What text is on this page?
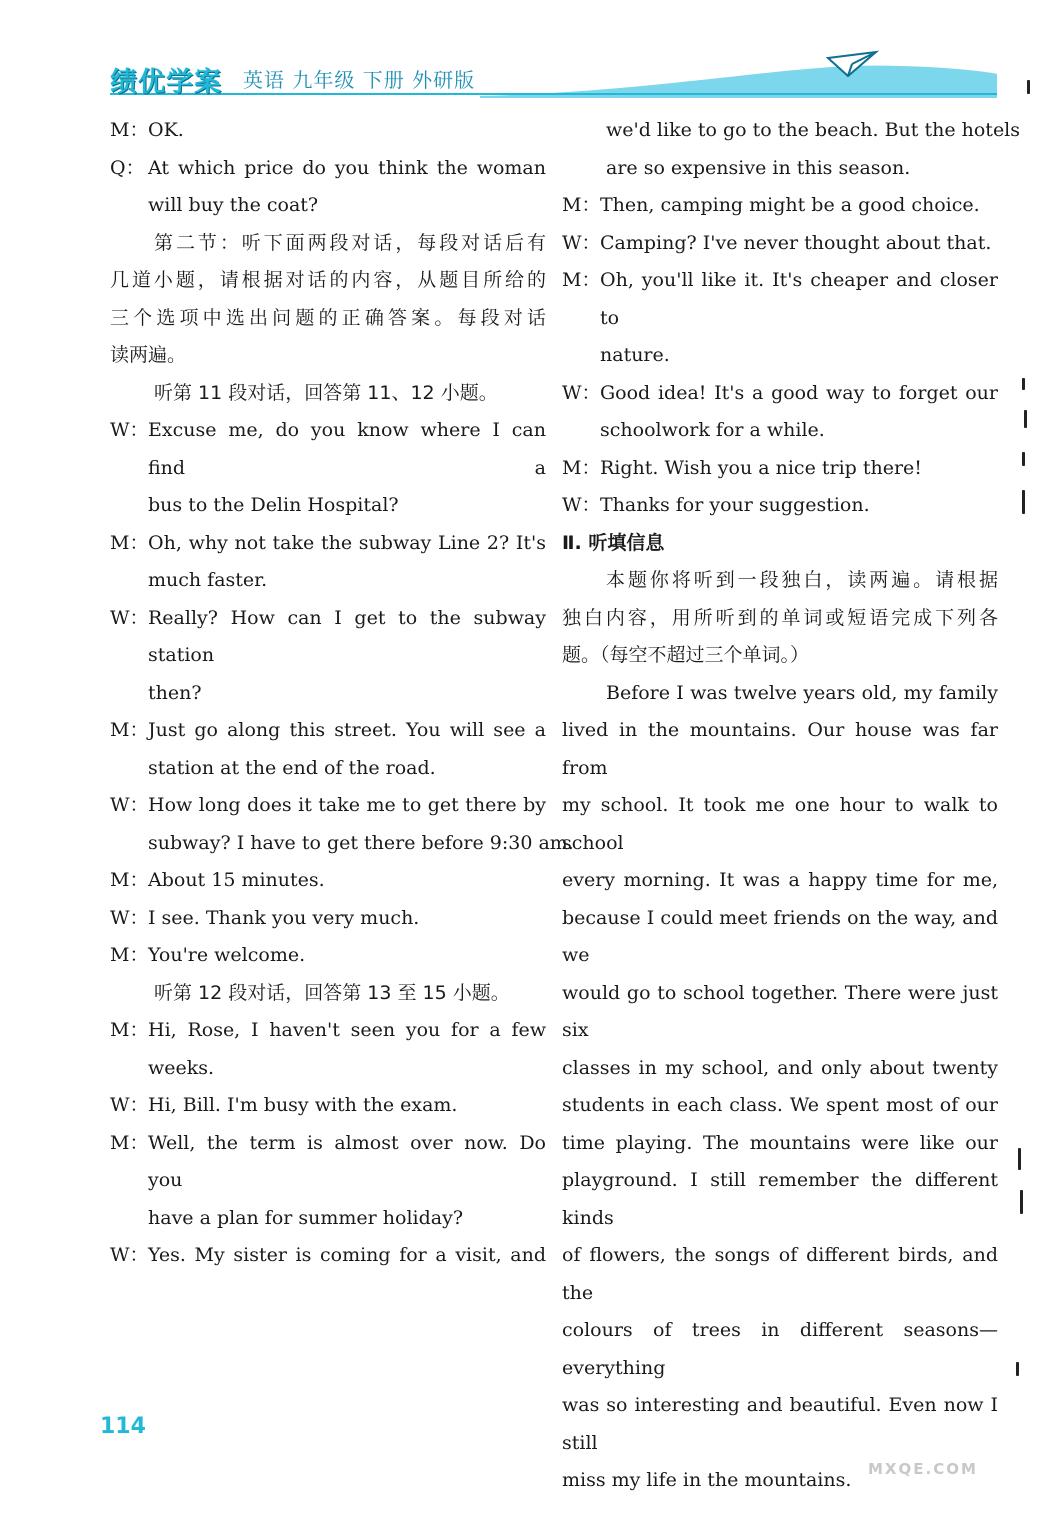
绩优学案 英语 九年级 下册 外研版
M： OK.
Q： At which price do you think the woman
will buy the coat?
第二节：听下面两段对话，每段对话后有
几道小题，请根据对话的内容，从题目所给的
三个选项中选出问题的正确答案。每段对话
读两遍。
听第 11 段对话，回答第 11、12 小题。
W： Excuse me, do you know where I can find a
bus to the Delin Hospital?
M： Oh, why not take the subway Line 2? It's
much faster.
W： Really? How can I get to the subway station
then?
M： Just go along this street. You will see a
station at the end of the road.
W： How long does it take me to get there by
subway? I have to get there before 9:30 am.
M： About 15 minutes.
W： I see. Thank you very much.
M： You're welcome.
听第 12 段对话，回答第 13 至 15 小题。
M： Hi, Rose, I haven't seen you for a few
weeks.
W： Hi, Bill. I'm busy with the exam.
M： Well, the term is almost over now. Do you
have a plan for summer holiday?
W： Yes. My sister is coming for a visit, and
we'd like to go to the beach. But the hotels
are so expensive in this season.
M： Then, camping might be a good choice.
W： Camping? I've never thought about that.
M： Oh, you'll like it. It's cheaper and closer to
nature.
W： Good idea! It's a good way to forget our
schoolwork for a while.
M： Right. Wish you a nice trip there!
W： Thanks for your suggestion.
Ⅱ. 听填信息
本题你将听到一段独白，读两遍。请根据
独白内容，用所听到的单词或短语完成下列各
题。（每空不超过三个单词。）
Before I was twelve years old, my family
lived in the mountains. Our house was far from
my school. It took me one hour to walk to school
every morning. It was a happy time for me,
because I could meet friends on the way, and we
would go to school together. There were just six
classes in my school, and only about twenty
students in each class. We spent most of our
time playing. The mountains were like our
playground. I still remember the different kinds
of flowers, the songs of different birds, and the
colours of trees in different seasons—everything
was so interesting and beautiful. Even now I still
miss my life in the mountains.
114
MXQE.COM
